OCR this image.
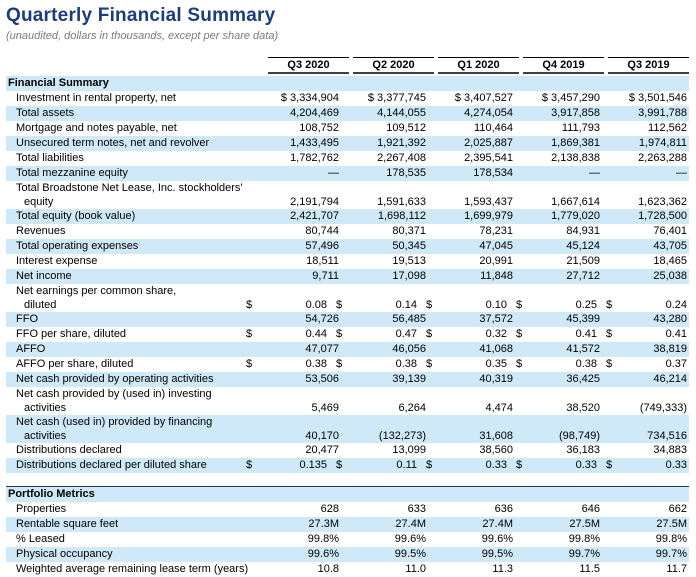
Quarterly Financial Summary
(unaudited, dollars in thousands, except per share data)
Q3 2020	Q2 2020	Q1 2020	Q4 2019	Q3 2019
Financial Summary
Investment in rental property, net	$ 3,334,904	$ 3,377,745	$ 3,407,527	$ 3,457,290	$ 3,501,546
Total assets	4,204,469	4,144,055	4,274,054	3,917,858	3,991,788
Mortgage and notes payable, net	108,752	109,512	110,464	111,793	112,562
Unsecured term notes, net and revolver	1,433,495	1,921,392	2,025,887	1,869,381	1,974,811
Total liabilities	1,782,762	2,267,408	2,395,541	2,138,838	2,263,288
Total mezzanine equity	—	178,535	178,534	—	—
Total Broadstone Net Lease, Inc. stockholders'
equity	2,191,794	1,591,633	1,593,437	1,667,614	1,623,362
Total equity (book value)	2,421,707	1,698,112	1,699,979	1,779,020	1,728,500
Revenues	80,744	80,371	78,231	84,931	76,401
Total operating expenses	57,496	50,345	47,045	45,124	43,705
Interest expense	18,511	19,513	20,991	21,509	18,465
Net income	9,711	17,098	11,848	27,712	25,038
Net earnings per common share,
diluted	$	0.08 $	0.14 $	0.10 $	0.25 $	0.24
FFO	54,726	56,485	37,572	45,399	43,280
FFO per share, diluted	$	0.44 $	0.47 $	0.32 $	0.41 $	0.41
AFFO	47,077	46,056	41,068	41,572	38,819
AFFO per share, diluted	$	0.38 $	0.38 $	0.35 $	0.38 $	0.37
Net cash provided by operating activities	53,506	39,139	40,319	36,425	46,214
Net cash provided by (used in) investing
activities	5,469	6,264	4,474	38,520	(749,333)
Net cash (used in) provided by financing
activities	40,170	(132,273)	31,608	(98,749)	734,516
Distributions declared	20,477	13,099	38,560	36,183	34,883
Distributions declared per diluted share	$	0.135 $	0.11 $	0.33 $	0.33 $	0.33
Portfolio Metrics
Properties	628	633	636	646	662
Rentable square feet	27.3M	27.4M	27.4M	27.5M	27.5M
% Leased	99.8%	99.6%	99.6%	99.8%	99.8%
Physical occupancy	99.6%	99.5%	99.5%	99.7%	99.7%
Weighted average remaining lease term (years)	10.8	11.0	11.3	11.5	11.7
